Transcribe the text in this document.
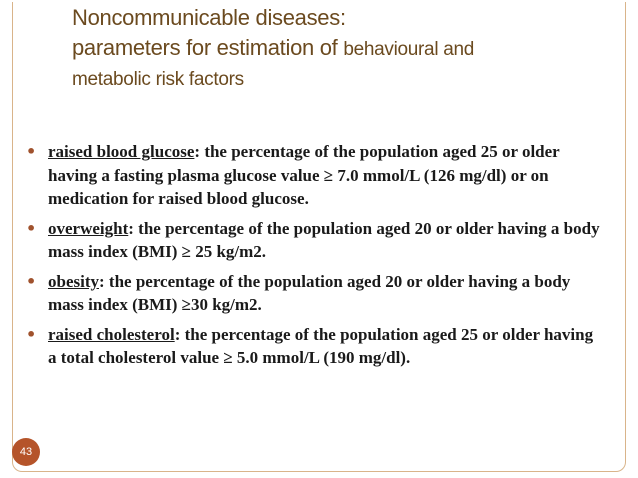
Noncommunicable diseases:
parameters for estimation of behavioural and
metabolic risk factors
• raised blood glucose: the percentage of the population aged 25 or older having a fasting plasma glucose value ≥ 7.0 mmol/L (126 mg/dl) or on medication for raised blood glucose.
• overweight: the percentage of the population aged 20 or older having a body mass index (BMI) ≥ 25 kg/m2.
• obesity: the percentage of the population aged 20 or older having a body mass index (BMI) ≥30 kg/m2.
• raised cholesterol: the percentage of the population aged 25 or older having a total cholesterol value ≥ 5.0 mmol/L (190 mg/dl).
43
